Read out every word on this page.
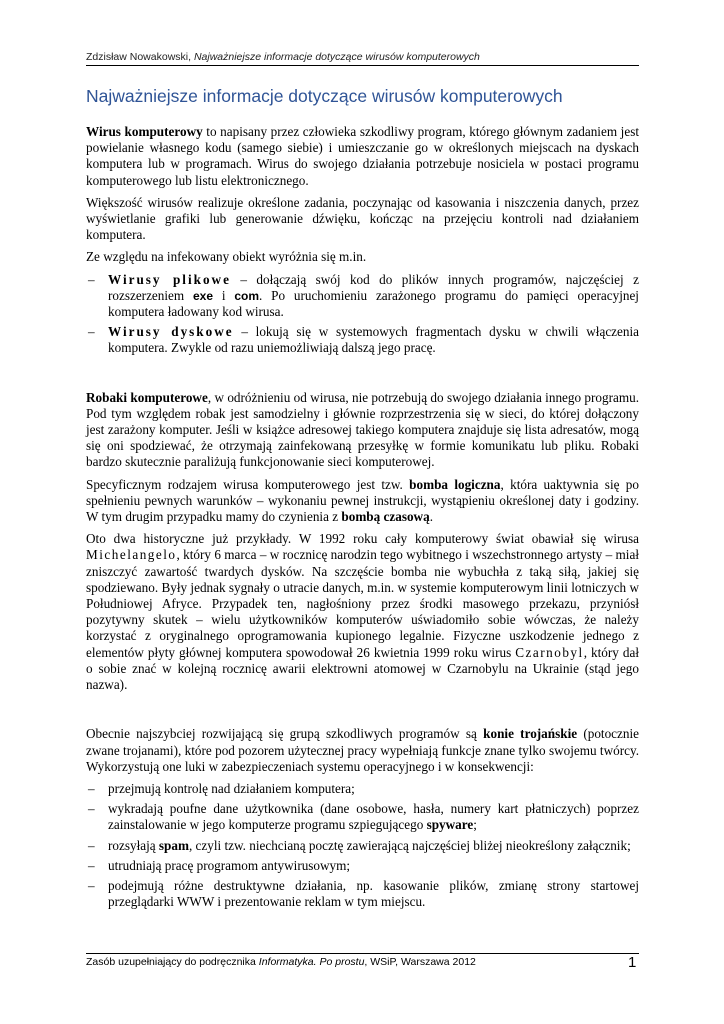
Zdzisław Nowakowski, Najważniejsze informacje dotyczące wirusów komputerowych
Najważniejsze informacje dotyczące wirusów komputerowych

Wirus komputerowy to napisany przez człowieka szkodliwy program, którego głównym zadaniem jest powielanie własnego kodu (samego siebie) i umieszczanie go w określonych miejscach na dyskach komputera lub w programach. Wirus do swojego działania potrzebuje nosiciela w postaci programu komputerowego lub listu elektronicznego.

Większość wirusów realizuje określone zadania, poczynając od kasowania i niszczenia danych, przez wyświetlanie grafiki lub generowanie dźwięku, kończąc na przejęciu kontroli nad działaniem komputera.

Ze względu na infekowany obiekt wyróżnia się m.in.

– Wirusy plikowe – dołączają swój kod do plików innych programów, najczęściej z rozszerzeniem exe i com. Po uruchomieniu zarażonego programu do pamięci operacyjnej komputera ładowany kod wirusa.
– Wirusy dyskowe – lokują się w systemowych fragmentach dysku w chwili włączenia komputera. Zwykle od razu uniemożliwiają dalszą jego pracę.

Robaki komputerowe, w odróżnieniu od wirusa, nie potrzebują do swojego działania innego programu. Pod tym względem robak jest samodzielny i głównie rozprzestrzenia się w sieci, do której dołączony jest zarażony komputer. Jeśli w książce adresowej takiego komputera znajduje się lista adresatów, mogą się oni spodziewać, że otrzymają zainfekowaną przesyłkę w formie komunikatu lub pliku. Robaki bardzo skutecznie paraliżują funkcjonowanie sieci komputerowej.

Specyficznym rodzajem wirusa komputerowego jest tzw. bomba logiczna, która uaktywnia się po spełnieniu pewnych warunków – wykonaniu pewnej instrukcji, wystąpieniu określonej daty i godziny. W tym drugim przypadku mamy do czynienia z bombą czasową.

Oto dwa historyczne już przykłady. W 1992 roku cały komputerowy świat obawiał się wirusa Michelangelo, który 6 marca – w rocznicę narodzin tego wybitnego i wszechstronnego artysty – miał zniszczyć zawartość twardych dysków. Na szczęście bomba nie wybuchła z taką siłą, jakiej się spodziewano. Były jednak sygnały o utracie danych, m.in. w systemie komputerowym linii lotniczych w Południowej Afryce. Przypadek ten, nagłośniony przez środki masowego przekazu, przyniósł pozytywny skutek – wielu użytkowników komputerów uświadomiło sobie wówczas, że należy korzystać z oryginalnego oprogramowania kupionego legalnie. Fizyczne uszkodzenie jednego z elementów płyty głównej komputera spowodował 26 kwietnia 1999 roku wirus Czarnobyl, który dał o sobie znać w kolejną rocznicę awarii elektrowni atomowej w Czarnobylu na Ukrainie (stąd jego nazwa).

Obecnie najszybciej rozwijającą się grupą szkodliwych programów są konie trojańskie (potocznie zwane trojanami), które pod pozorem użytecznej pracy wypełniają funkcje znane tylko swojemu twórcy. Wykorzystują one luki w zabezpieczeniach systemu operacyjnego i w konsekwencji:

– przejmują kontrolę nad działaniem komputera;
– wykradają poufne dane użytkownika (dane osobowe, hasła, numery kart płatniczych) poprzez zainstalowanie w jego komputerze programu szpiegującego spyware;
– rozsyłają spam, czyli tzw. niechcianą pocztę zawierającą najczęściej bliżej nieokreślony załącznik;
– utrudniają pracę programom antywirusowym;
– podejmują różne destruktywne działania, np. kasowanie plików, zmianę strony startowej przeglądarki WWW i prezentowanie reklam w tym miejscu.
Zasób uzupełniający do podręcznika Informatyka. Po prostu, WSiP, Warszawa 2012	1
